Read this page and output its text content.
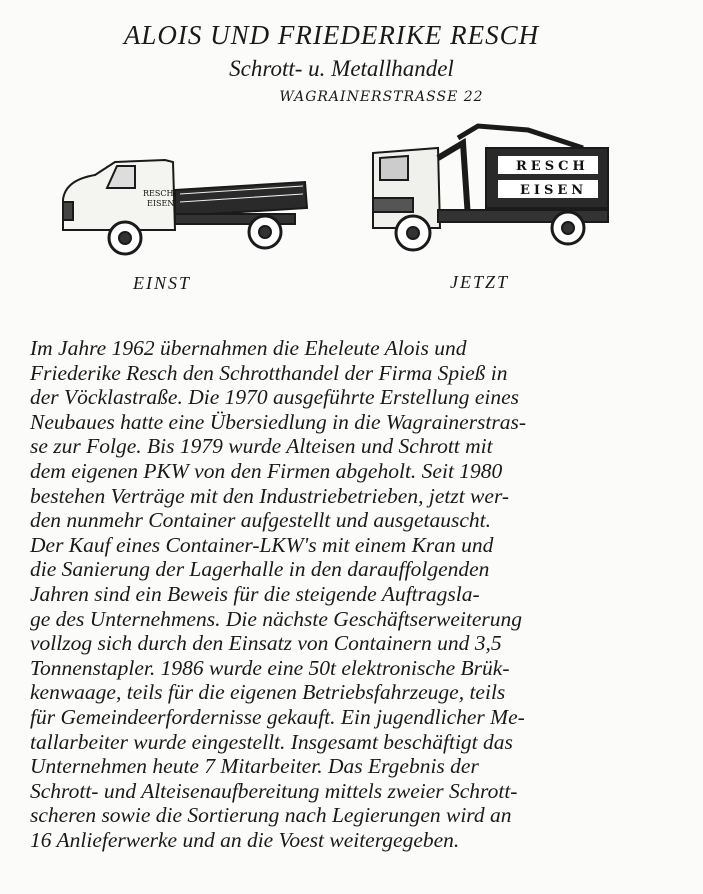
ALOIS UND FRIEDERIKE RESCH
Schrott- u. Metallhandel
WAGRAINERSTRASSE 22
RESCH-
EISEN
RESCH
EISEN
EINST	JETZT
Im Jahre 1962 übernahmen die Eheleute Alois und
Friederike Resch den Schrotthandel der Firma Spieß in
der Vöcklastraße. Die 1970 ausgeführte Erstellung eines
Neubaues hatte eine Übersiedlung in die Wagrainerstras-
se zur Folge. Bis 1979 wurde Alteisen und Schrott mit
dem eigenen PKW von den Firmen abgeholt. Seit 1980
bestehen Verträge mit den Industriebetrieben, jetzt wer-
den nunmehr Container aufgestellt und ausgetauscht.
Der Kauf eines Container-LKW's mit einem Kran und
die Sanierung der Lagerhalle in den darauffolgenden
Jahren sind ein Beweis für die steigende Auftragsla-
ge des Unternehmens. Die nächste Geschäftserweiterung
vollzog sich durch den Einsatz von Containern und 3,5
Tonnenstapler. 1986 wurde eine 50t elektronische Brük-
kenwaage, teils für die eigenen Betriebsfahrzeuge, teils
für Gemeindeerfordernisse gekauft. Ein jugendlicher Me-
tallarbeiter wurde eingestellt. Insgesamt beschäftigt das
Unternehmen heute 7 Mitarbeiter. Das Ergebnis der
Schrott- und Alteisenaufbereitung mittels zweier Schrott-
scheren sowie die Sortierung nach Legierungen wird an
16 Anlieferwerke und an die Voest weitergegeben.
